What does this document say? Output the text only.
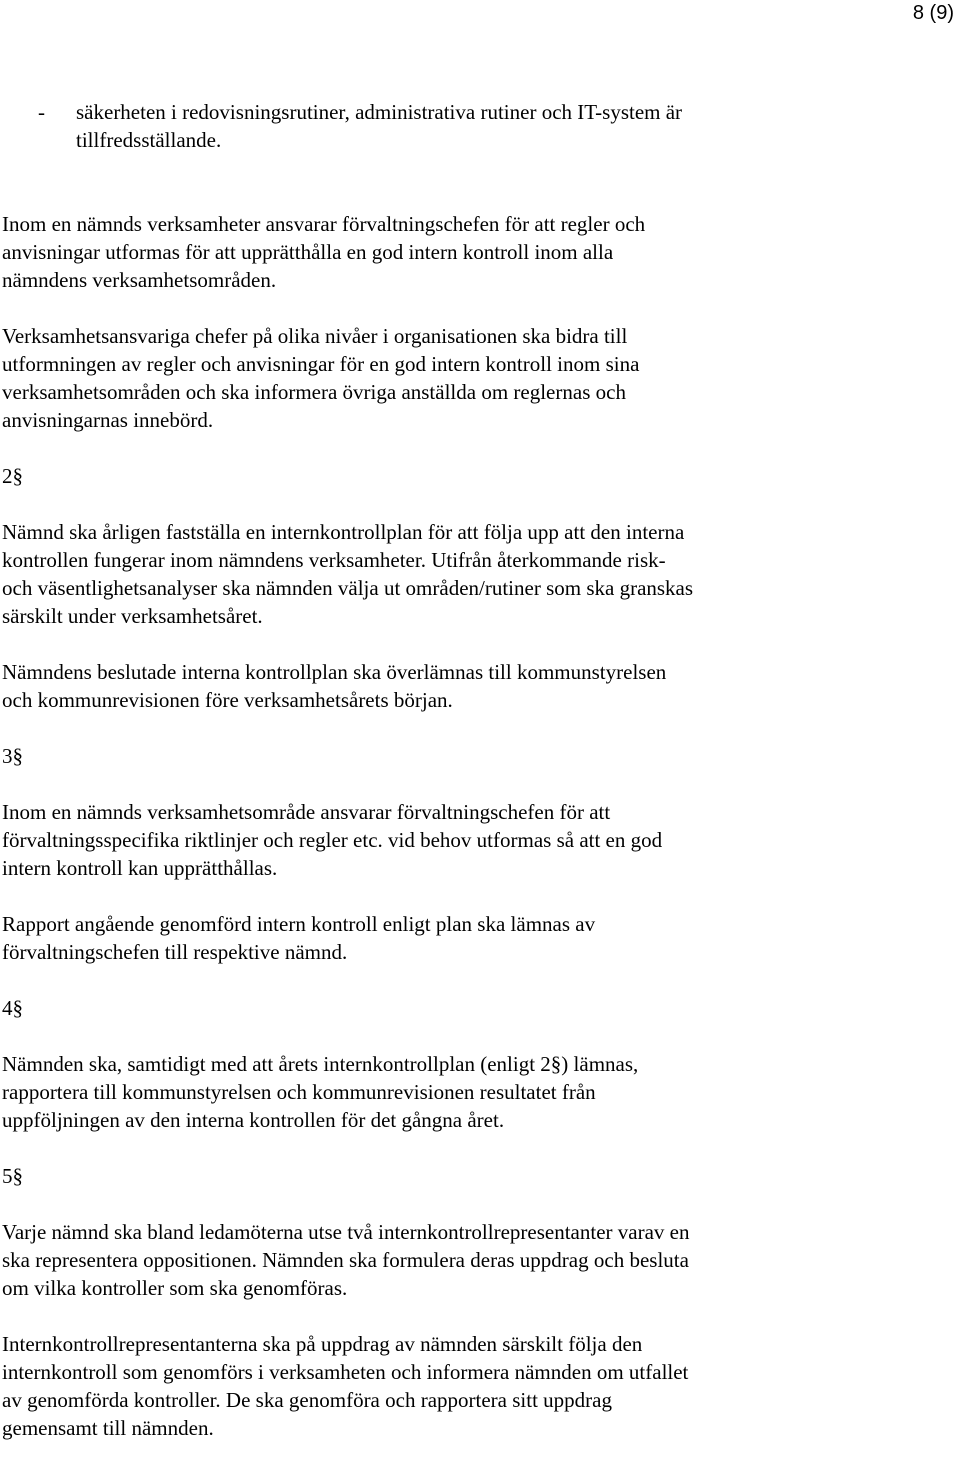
8 (9)
-	säkerheten i redovisningsrutiner, administrativa rutiner och IT-system är
tillfredsställande.

Inom en nämnds verksamheter ansvarar förvaltningschefen för att regler och
anvisningar utformas för att upprätthålla en god intern kontroll inom alla
nämndens verksamhetsområden.

Verksamhetsansvariga chefer på olika nivåer i organisationen ska bidra till
utformningen av regler och anvisningar för en god intern kontroll inom sina
verksamhetsområden och ska informera övriga anställda om reglernas och
anvisningarnas innebörd.

2§

Nämnd ska årligen fastställa en internkontrollplan för att följa upp att den interna
kontrollen fungerar inom nämndens verksamheter. Utifrån återkommande risk-
och väsentlighetsanalyser ska nämnden välja ut områden/rutiner som ska granskas
särskilt under verksamhetsåret.

Nämndens beslutade interna kontrollplan ska överlämnas till kommunstyrelsen
och kommunrevisionen före verksamhetsårets början.

3§

Inom en nämnds verksamhetsområde ansvarar förvaltningschefen för att
förvaltningsspecifika riktlinjer och regler etc. vid behov utformas så att en god
intern kontroll kan upprätthållas.

Rapport angående genomförd intern kontroll enligt plan ska lämnas av
förvaltningschefen till respektive nämnd.

4§

Nämnden ska, samtidigt med att årets internkontrollplan (enligt 2§) lämnas,
rapportera till kommunstyrelsen och kommunrevisionen resultatet från
uppföljningen av den interna kontrollen för det gångna året.

5§

Varje nämnd ska bland ledamöterna utse två internkontrollrepresentanter varav en
ska representera oppositionen. Nämnden ska formulera deras uppdrag och besluta
om vilka kontroller som ska genomföras.

Internkontrollrepresentanterna ska på uppdrag av nämnden särskilt följa den
internkontroll som genomförs i verksamheten och informera nämnden om utfallet
av genomförda kontroller. De ska genomföra och rapportera sitt uppdrag
gemensamt till nämnden.
